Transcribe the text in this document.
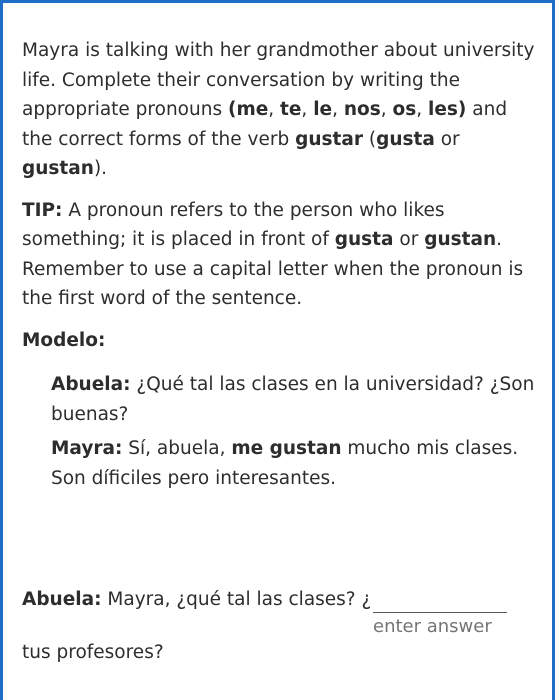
Mayra is talking with her grandmother about university life. Complete their conversation by writing the appropriate pronouns (me, te, le, nos, os, les) and the correct forms of the verb gustar (gusta or gustan).

TIP: A pronoun refers to the person who likes something; it is placed in front of gusta or gustan. Remember to use a capital letter when the pronoun is the first word of the sentence.

Modelo:

Abuela: ¿Qué tal las clases en la universidad? ¿Son buenas?

Mayra: Sí, abuela, me gustan mucho mis clases. Son díficiles pero interesantes.

Abuela: Mayra, ¿qué tal las clases? ¿
enter answer
tus profesores?
